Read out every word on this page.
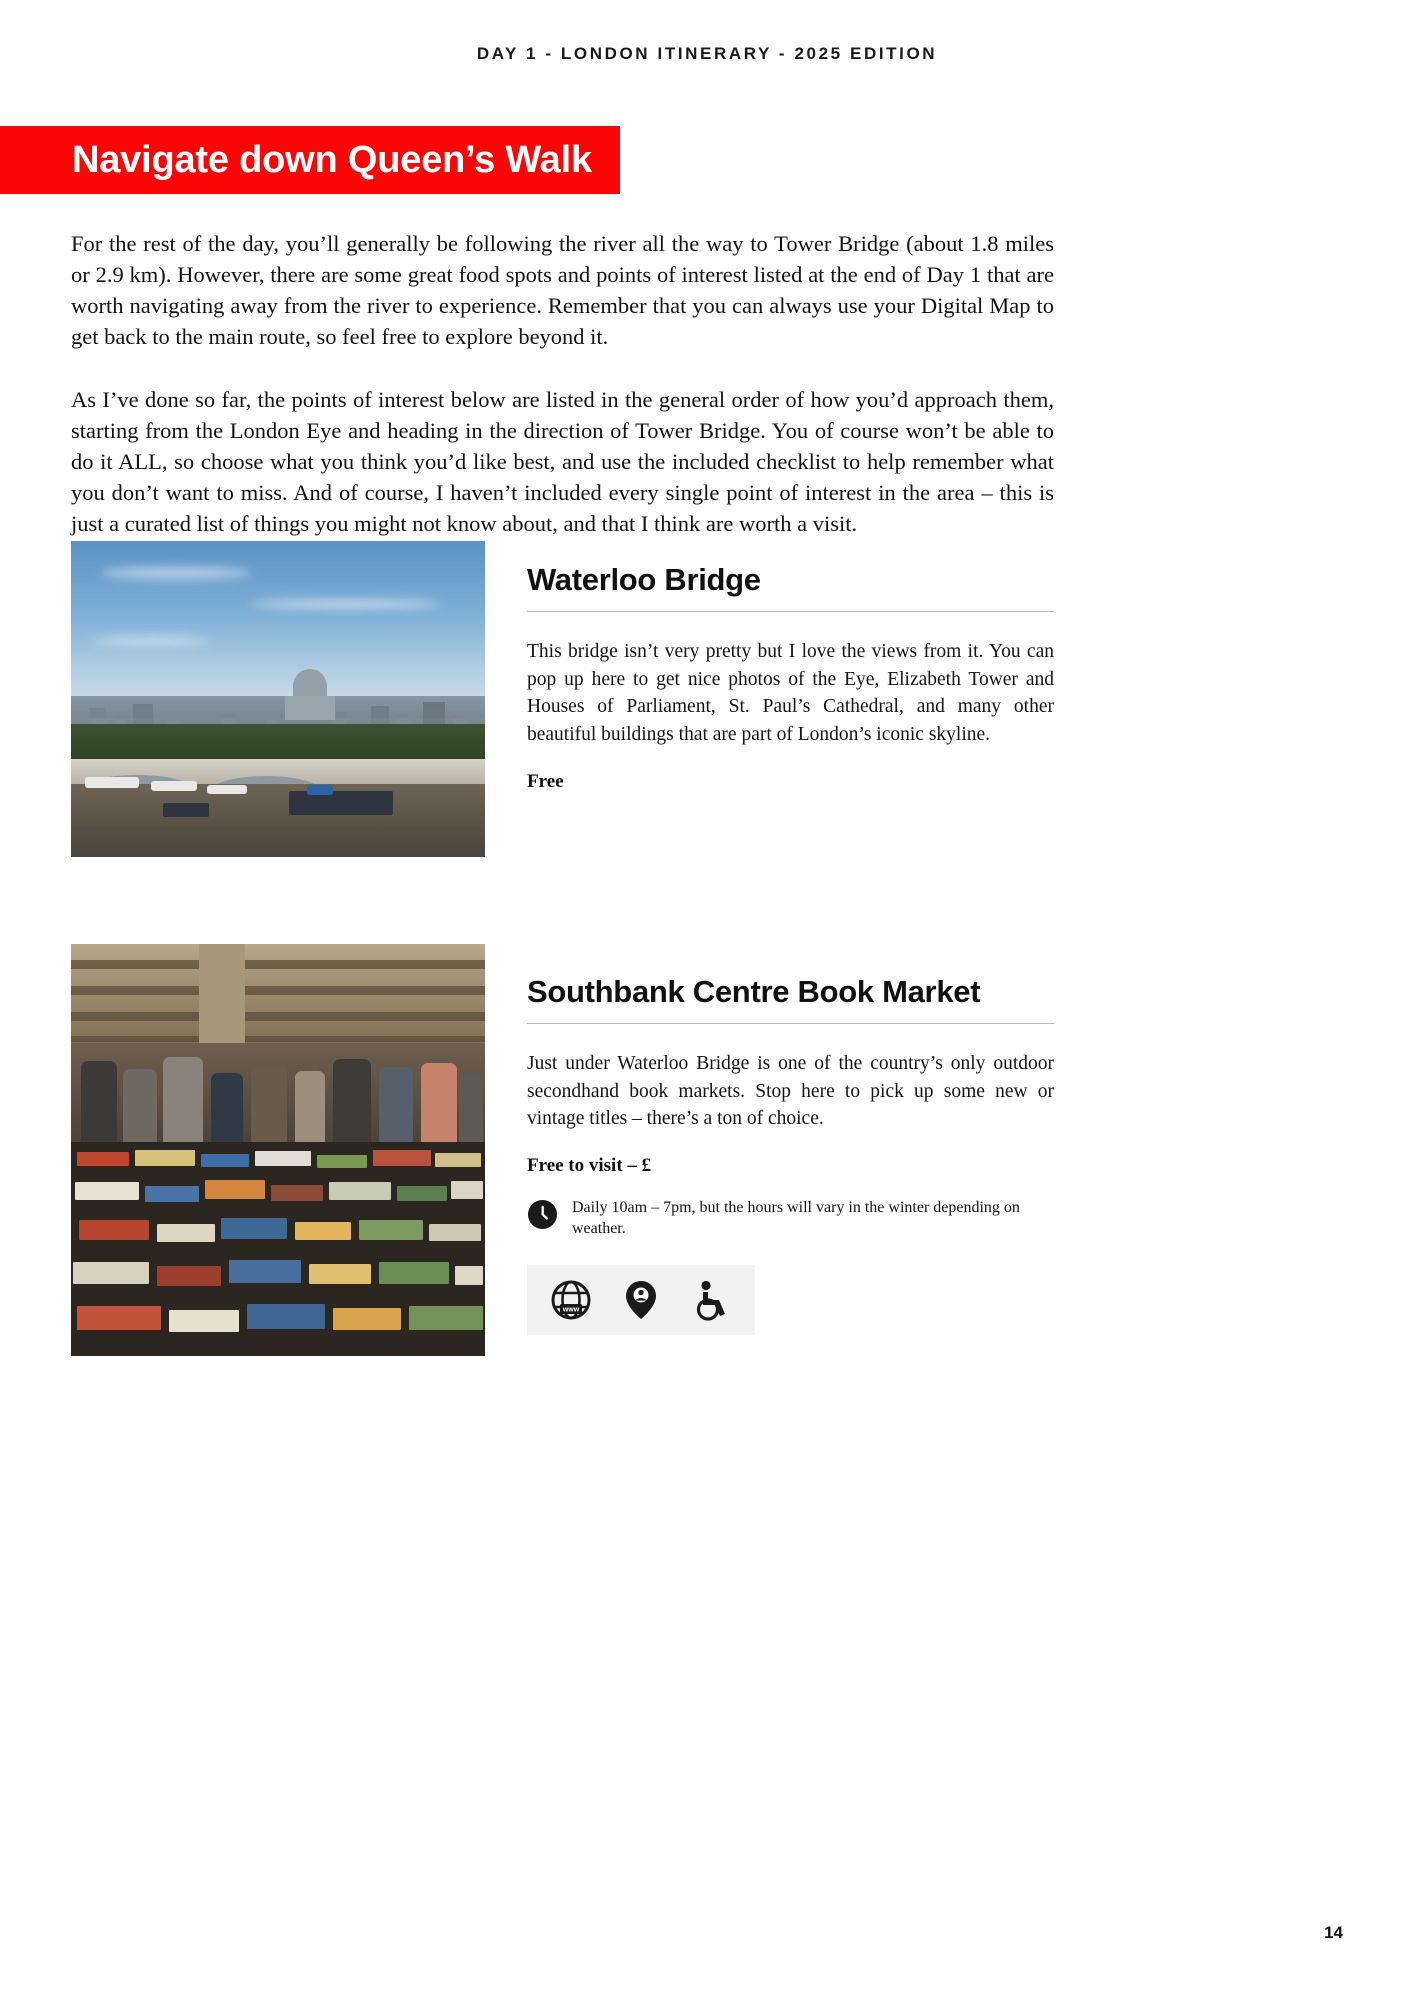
DAY 1 - LONDON ITINERARY - 2025 EDITION
Navigate down Queen’s Walk

For the rest of the day, you’ll generally be following the river all the way to Tower Bridge (about 1.8 miles or 2.9 km). However, there are some great food spots and points of interest listed at the end of Day 1 that are worth navigating away from the river to experience. Remember that you can always use your Digital Map to get back to the main route, so feel free to explore beyond it.

As I’ve done so far, the points of interest below are listed in the general order of how you’d approach them, starting from the London Eye and heading in the direction of Tower Bridge. You of course won’t be able to do it ALL, so choose what you think you’d like best, and use the included checklist to help remember what you don’t want to miss. And of course, I haven’t included every single point of interest in the area – this is just a curated list of things you might not know about, and that I think are worth a visit.

Waterloo Bridge

This bridge isn’t very pretty but I love the views from it. You can pop up here to get nice photos of the Eye, Elizabeth Tower and Houses of Parliament, St. Paul’s Cathedral, and many other beautiful buildings that are part of London’s iconic skyline.

Free

Southbank Centre Book Market

Just under Waterloo Bridge is one of the country’s only outdoor secondhand book markets. Stop here to pick up some new or vintage titles – there’s a ton of choice.

Free to visit – £

Daily 10am – 7pm, but the hours will vary in the winter depending on weather.
www
14
